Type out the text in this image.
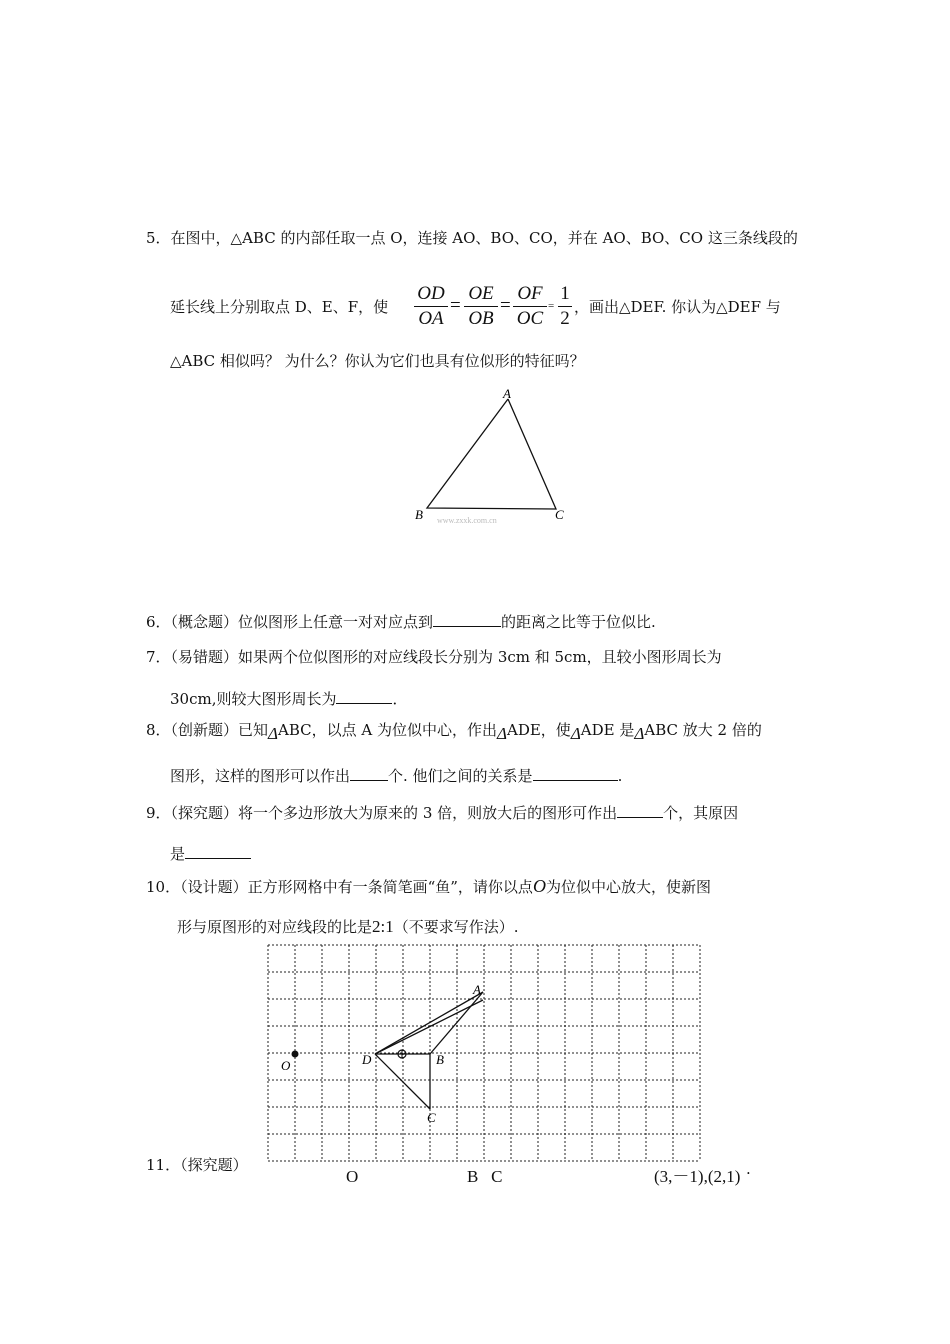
5．在图中，△ABC 的内部任取一点 O，连接 AO、BO、CO，并在 AO、BO、CO 这三条线段的
延长线上分别取点 D、E、F，使
OD
OA
=
OE
OB
=
OF
OC
=
1
2
，画出△DEF. 你认为△DEF 与
△ABC 相似吗？ 为什么？你认为它们也具有位似形的特征吗？
A
B	C
www.zxxk.com.cn
6．（概念题）位似图形上任意一对对应点到	的距离之比等于位似比.
7．（易错题）如果两个位似图形的对应线段长分别为 3cm 和 5cm，且较小图形周长为
30cm,则较大图形周长为	．
8．（创新题）已知ΔABC，以点 A 为位似中心，作出ΔADE，使ΔADE 是ΔABC 放大 2 倍的
图形，这样的图形可以作出	个. 他们之间的关系是	.
9．（探究题）将一个多边形放大为原来的 3 倍，则放大后的图形可作出	个，其原因
是
10．（设计题）正方形网格中有一条简笔画“鱼”，请你以点O为位似中心放大，使新图
形与原图形的对应线段的比是2:1（不要求写作法）.
O
A
B
C
D
11．（探究题）
O	B   C	(3,－1),(2,1) .
